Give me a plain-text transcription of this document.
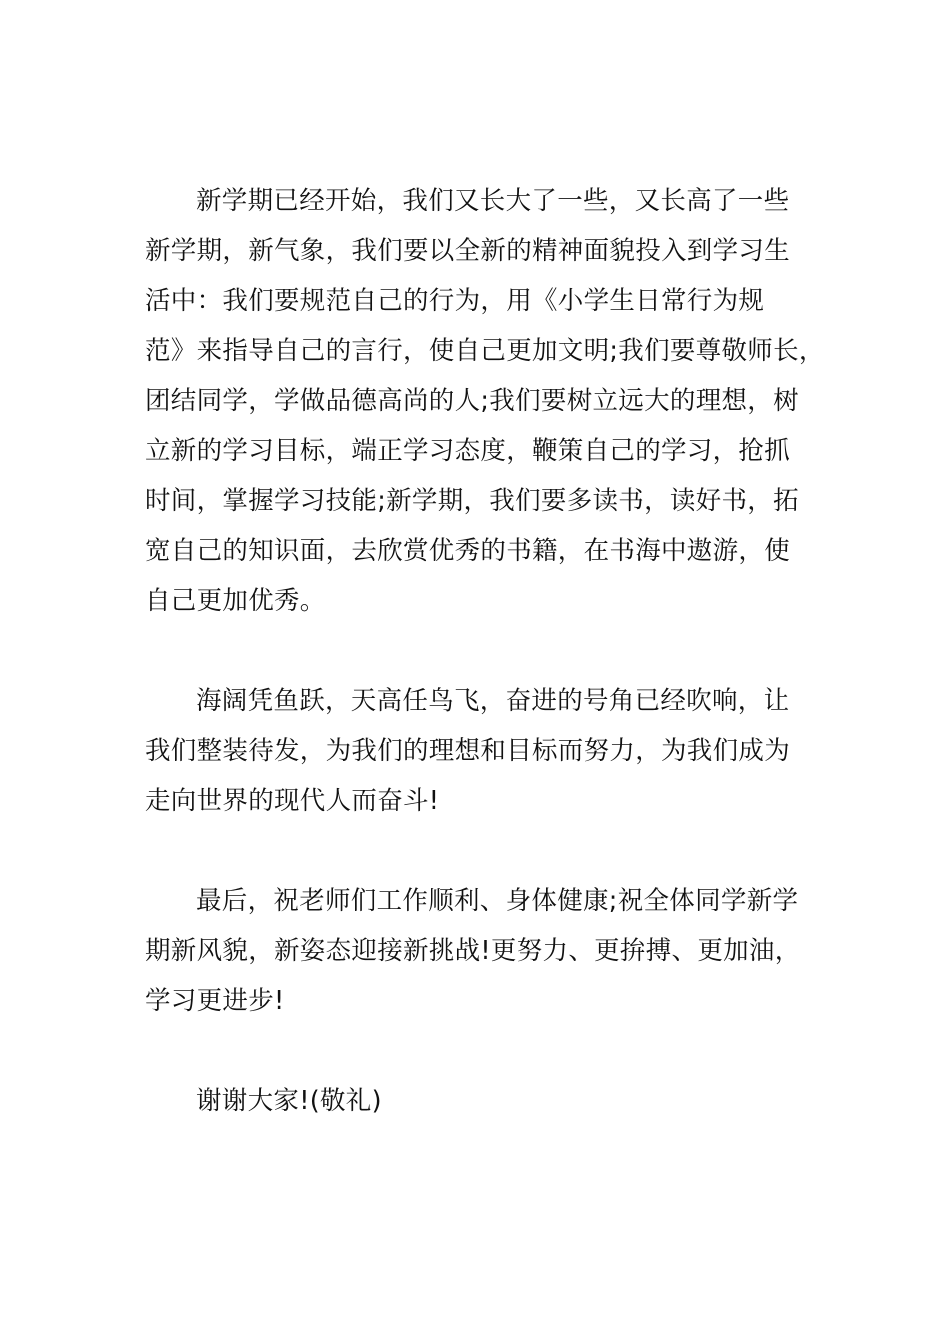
新学期已经开始，我们又长大了一些，又长高了一些
新学期，新气象，我们要以全新的精神面貌投入到学习生
活中：我们要规范自己的行为，用《小学生日常行为规
范》来指导自己的言行，使自己更加文明;我们要尊敬师长，
团结同学，学做品德高尚的人;我们要树立远大的理想，树
立新的学习目标，端正学习态度，鞭策自己的学习，抢抓
时间，掌握学习技能;新学期，我们要多读书，读好书，拓
宽自己的知识面，去欣赏优秀的书籍，在书海中遨游，使
自己更加优秀。

海阔凭鱼跃，天高任鸟飞，奋进的号角已经吹响，让
我们整装待发，为我们的理想和目标而努力，为我们成为
走向世界的现代人而奋斗!

最后，祝老师们工作顺利、身体健康;祝全体同学新学
期新风貌，新姿态迎接新挑战!更努力、更拚搏、更加油，
学习更进步!

谢谢大家!(敬礼)
